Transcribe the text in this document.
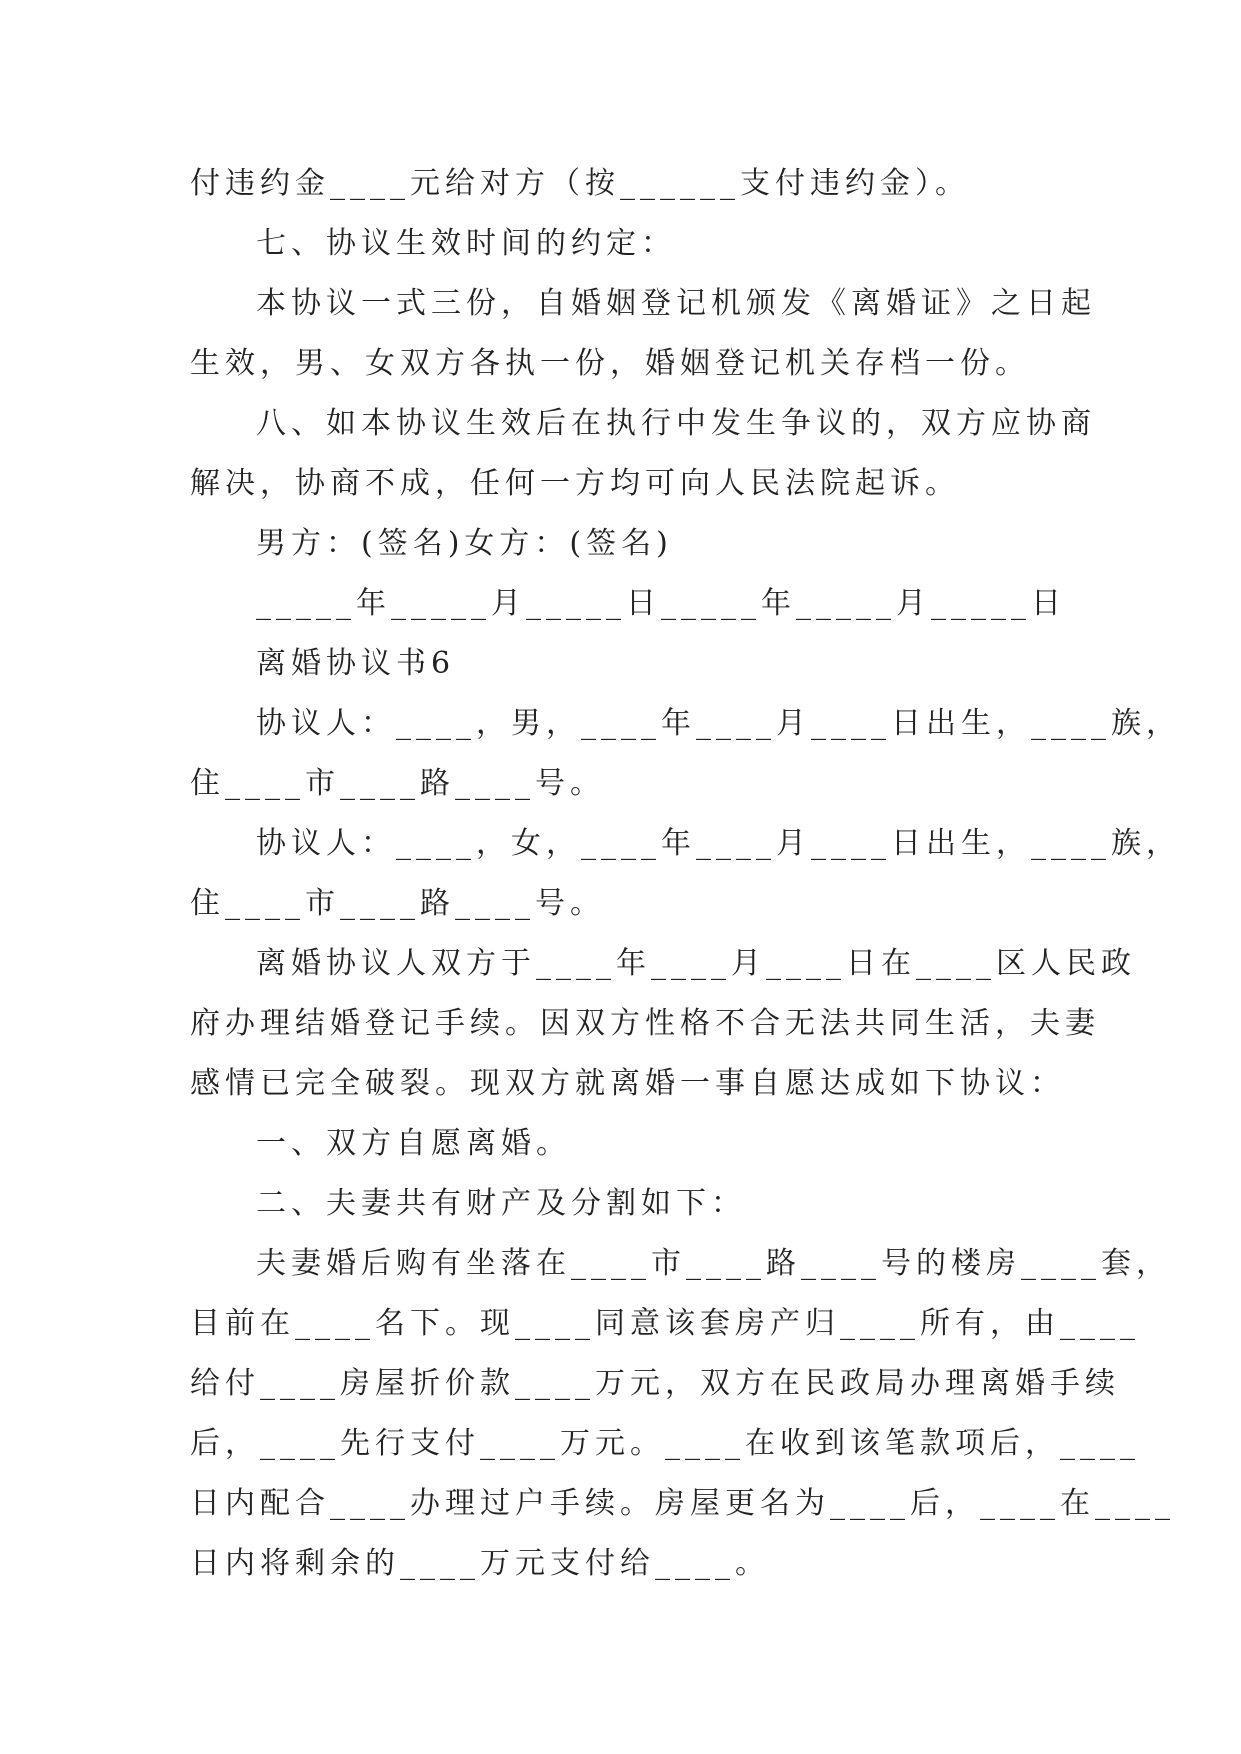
付违约金____元给对方（按______支付违约金）。
七、协议生效时间的约定：
本协议一式三份，自婚姻登记机颁发《离婚证》之日起
生效，男、女双方各执一份，婚姻登记机关存档一份。
八、如本协议生效后在执行中发生争议的，双方应协商
解决，协商不成，任何一方均可向人民法院起诉。
男方：(签名)女方：(签名)
_____年_____月_____日_____年_____月_____日
离婚协议书6
协议人：____，男，____年____月____日出生，____族，
住____市____路____号。
协议人：____，女，____年____月____日出生，____族，
住____市____路____号。
离婚协议人双方于____年____月____日在____区人民政
府办理结婚登记手续。因双方性格不合无法共同生活，夫妻
感情已完全破裂。现双方就离婚一事自愿达成如下协议：
一、双方自愿离婚。
二、夫妻共有财产及分割如下：
夫妻婚后购有坐落在____市____路____号的楼房____套，
目前在____名下。现____同意该套房产归____所有，由____
给付____房屋折价款____万元，双方在民政局办理离婚手续
后，____先行支付____万元。____在收到该笔款项后，____
日内配合____办理过户手续。房屋更名为____后，____在____
日内将剩余的____万元支付给____。
